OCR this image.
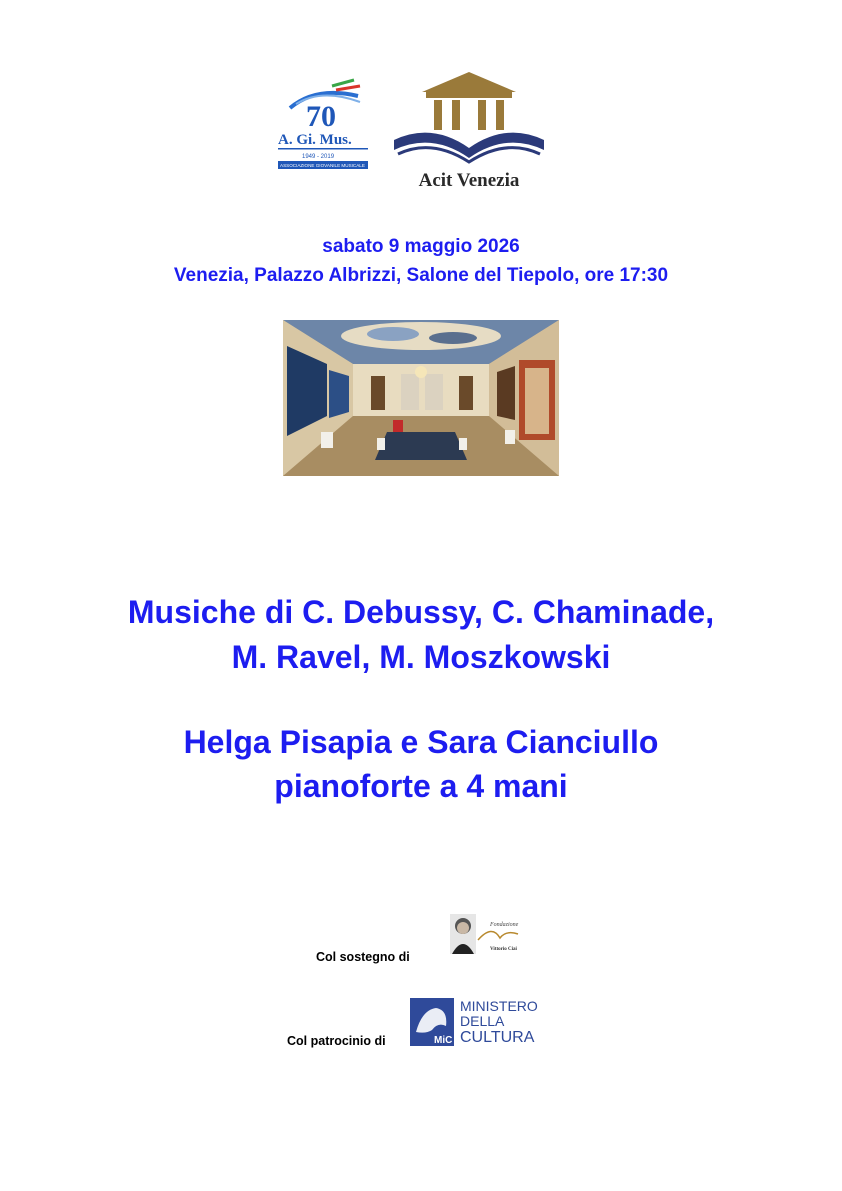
70
A. Gi. Mus.
1949 - 2019
ASSOCIAZIONE GIOVANILE MUSICALE
Acit Venezia
sabato 9 maggio 2026
Venezia, Palazzo Albrizzi, Salone del Tiepolo, ore 17:30
Musiche di C. Debussy, C. Chaminade,
M. Ravel, M. Moszkowski
Helga Pisapia e Sara Cianciullo
pianoforte a 4 mani
Col sostegno di
Fondazione
Vittorio Ciai
Col patrocinio di	MiC
MINISTERO
DELLA
CULTURA
